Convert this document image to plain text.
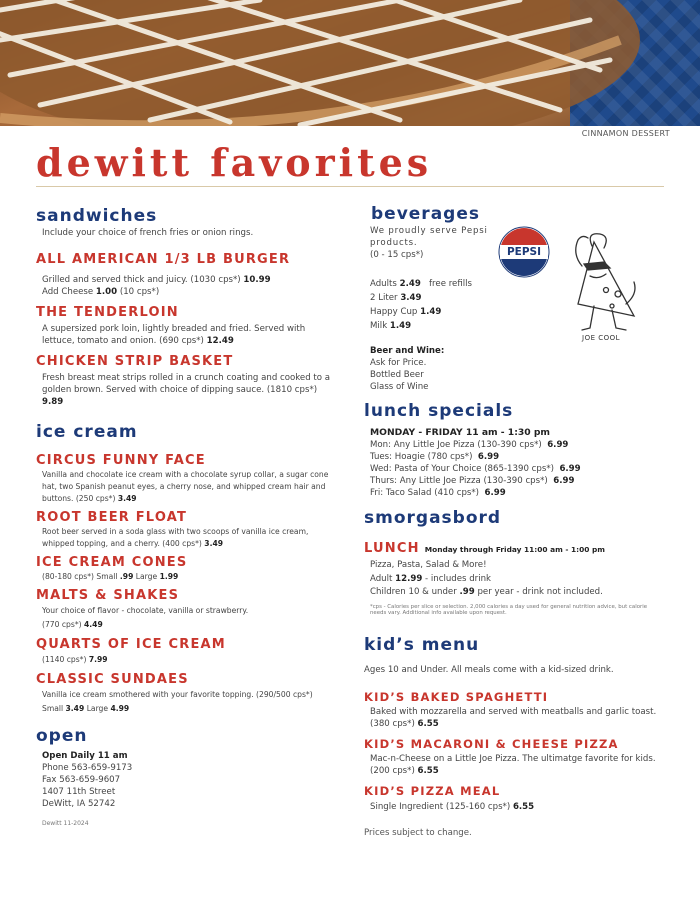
CINNAMON DESSERT
dewitt favorites
sandwiches

Include your choice of french fries or onion rings.

ALL AMERICAN 1/3 LB BURGER

Grilled and served thick and juicy. (1030 cps*) 10.99

Add Cheese 1.00 (10 cps*)

THE TENDERLOIN

A supersized pork loin, lightly breaded and fried. Served with lettuce, tomato and onion. (690 cps*) 12.49

CHICKEN STRIP BASKET

Fresh breast meat strips rolled in a crunch coating and cooked to a golden brown. Served with choice of dipping sauce. (1810 cps*) 9.89

ice cream
CIRCUS FUNNY FACE

Vanilla and chocolate ice cream with a chocolate syrup collar, a sugar cone hat, two Spanish peanut eyes, a cherry nose, and whipped cream hair and buttons. (250 cps*) 3.49

ROOT BEER FLOAT

Root beer served in a soda glass with two scoops of vanilla ice cream, whipped topping, and a cherry. (400 cps*) 3.49

ICE CREAM CONES

(80-180 cps*) Small .99 Large 1.99

MALTS & SHAKES

Your choice of flavor - chocolate, vanilla or strawberry.

(770 cps*) 4.49

QUARTS OF ICE CREAM

(1140 cps*) 7.99

CLASSIC SUNDAES

Vanilla ice cream smothered with your favorite topping. (290/500 cps*) Small 3.49 Large 4.99

open

Open Daily 11 am

Phone 563-659-9173

Fax 563-659-9607

1407 11th Street

DeWitt, IA 52742

Dewitt 11-2024

beverages

We proudly serve Pepsi products.

(0 - 15 cps*)	PEPSI
JOE COOL

Adults 2.49 free refills

2 Liter 3.49

Happy Cup 1.49

Milk 1.49

Beer and Wine:

Ask for Price.

Bottled Beer

Glass of Wine

lunch specials

MONDAY - FRIDAY 11 am - 1:30 pm

Mon: Any Little Joe Pizza (130-390 cps*) 6.99

Tues: Hoagie (780 cps*) 6.99

Wed: Pasta of Your Choice (865-1390 cps*) 6.99

Thurs: Any Little Joe Pizza (130-390 cps*) 6.99

Fri: Taco Salad (410 cps*) 6.99

smorgasbord

LUNCH Monday through Friday 11:00 am - 1:00 pm

Pizza, Pasta, Salad & More!

Adult 12.99 - includes drink

Children 10 & under .99 per year - drink not included.

*cps - Calories per slice or selection. 2,000 calories a day used for general nutrition advice, but calorie needs vary. Additional info available upon request.

kid’s menu

Ages 10 and Under. All meals come with a kid-sized drink.

KID’S BAKED SPAGHETTI

Baked with mozzarella and served with meatballs and garlic toast. (380 cps*) 6.55

KID’S MACARONI & CHEESE PIZZA

Mac-n-Cheese on a Little Joe Pizza. The ultimatge favorite for kids. (200 cps*) 6.55

KID’S PIZZA MEAL

Single Ingredient (125-160 cps*) 6.55

Prices subject to change.
